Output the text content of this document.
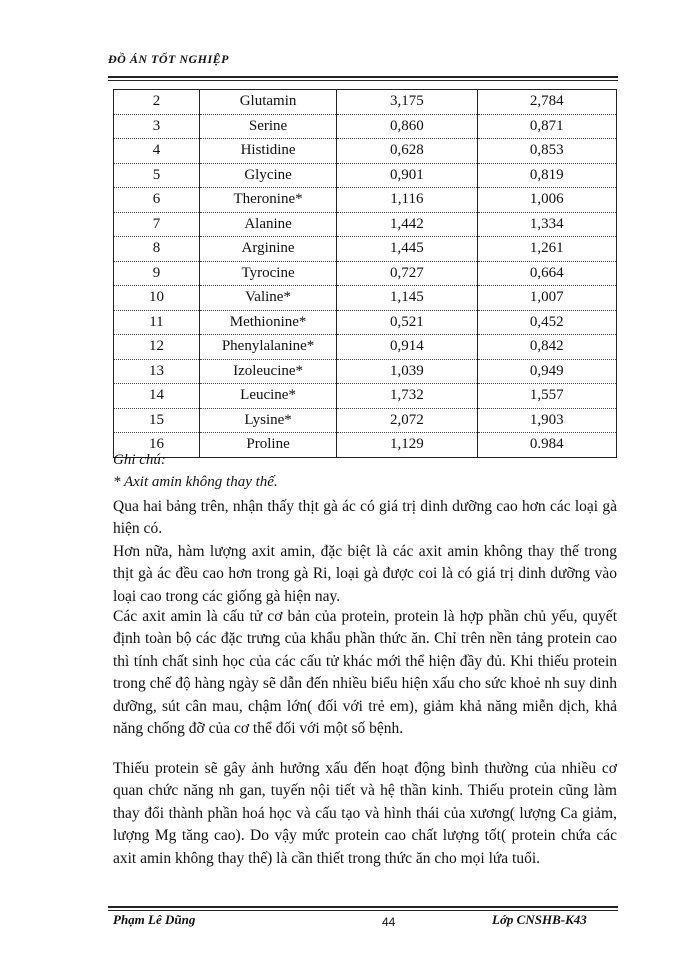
ĐỒ ÁN TỐT NGHIỆP
2	Glutamin	3,175	2,784
3	Serine	0,860	0,871
4	Histidine	0,628	0,853
5	Glycine	0,901	0,819
6	Theronine*	1,116	1,006
7	Alanine	1,442	1,334
8	Arginine	1,445	1,261
9	Tyrocine	0,727	0,664
10	Valine*	1,145	1,007
11	Methionine*	0,521	0,452
12	Phenylalanine*	0,914	0,842
13	Izoleucine*	1,039	0,949
14	Leucine*	1,732	1,557
15	Lysine*	2,072	1,903
16	Proline	1,129	0.984
Ghi chú:
* Axit amin không thay thế.
Qua hai bảng trên, nhận thấy thịt gà ác có giá trị dinh dưỡng cao hơn các loại gà hiện có.
Hơn nữa, hàm lượng axit amin, đặc biệt là các axit amin không thay thế trong thịt gà ác đều cao hơn trong gà Ri, loại gà được coi là có giá trị dinh dưỡng vào loại cao trong các giống gà hiện nay.
Các axit amin là cấu tử cơ bản của protein, protein là hợp phần chủ yếu, quyết định toàn bộ các đặc trưng của khẩu phần thức ăn. Chỉ trên nền tảng protein cao thì tính chất sinh học của các cấu tử khác mới thể hiện đầy đủ. Khi thiếu protein trong chế độ hàng ngày sẽ dẫn đến nhiều biểu hiện xấu cho sức khoẻ nh suy dinh dưỡng, sút cân mau, chậm lớn( đối với trẻ em), giảm khả năng miễn dịch, khả năng chống đỡ của cơ thể đối với một số bệnh.
Thiếu protein sẽ gây ảnh hưởng xấu đến hoạt động bình thường của nhiều cơ quan chức năng nh gan, tuyến nội tiết và hệ thần kinh. Thiếu protein cũng làm thay đổi thành phần hoá học và cấu tạo và hình thái của xương( lượng Ca giảm, lượng Mg tăng cao). Do vậy mức protein cao chất lượng tốt( protein chứa các axit amin không thay thế) là cần thiết trong thức ăn cho mọi lứa tuổi.
Phạm Lê Dũng	44	Lớp CNSHB-K43
